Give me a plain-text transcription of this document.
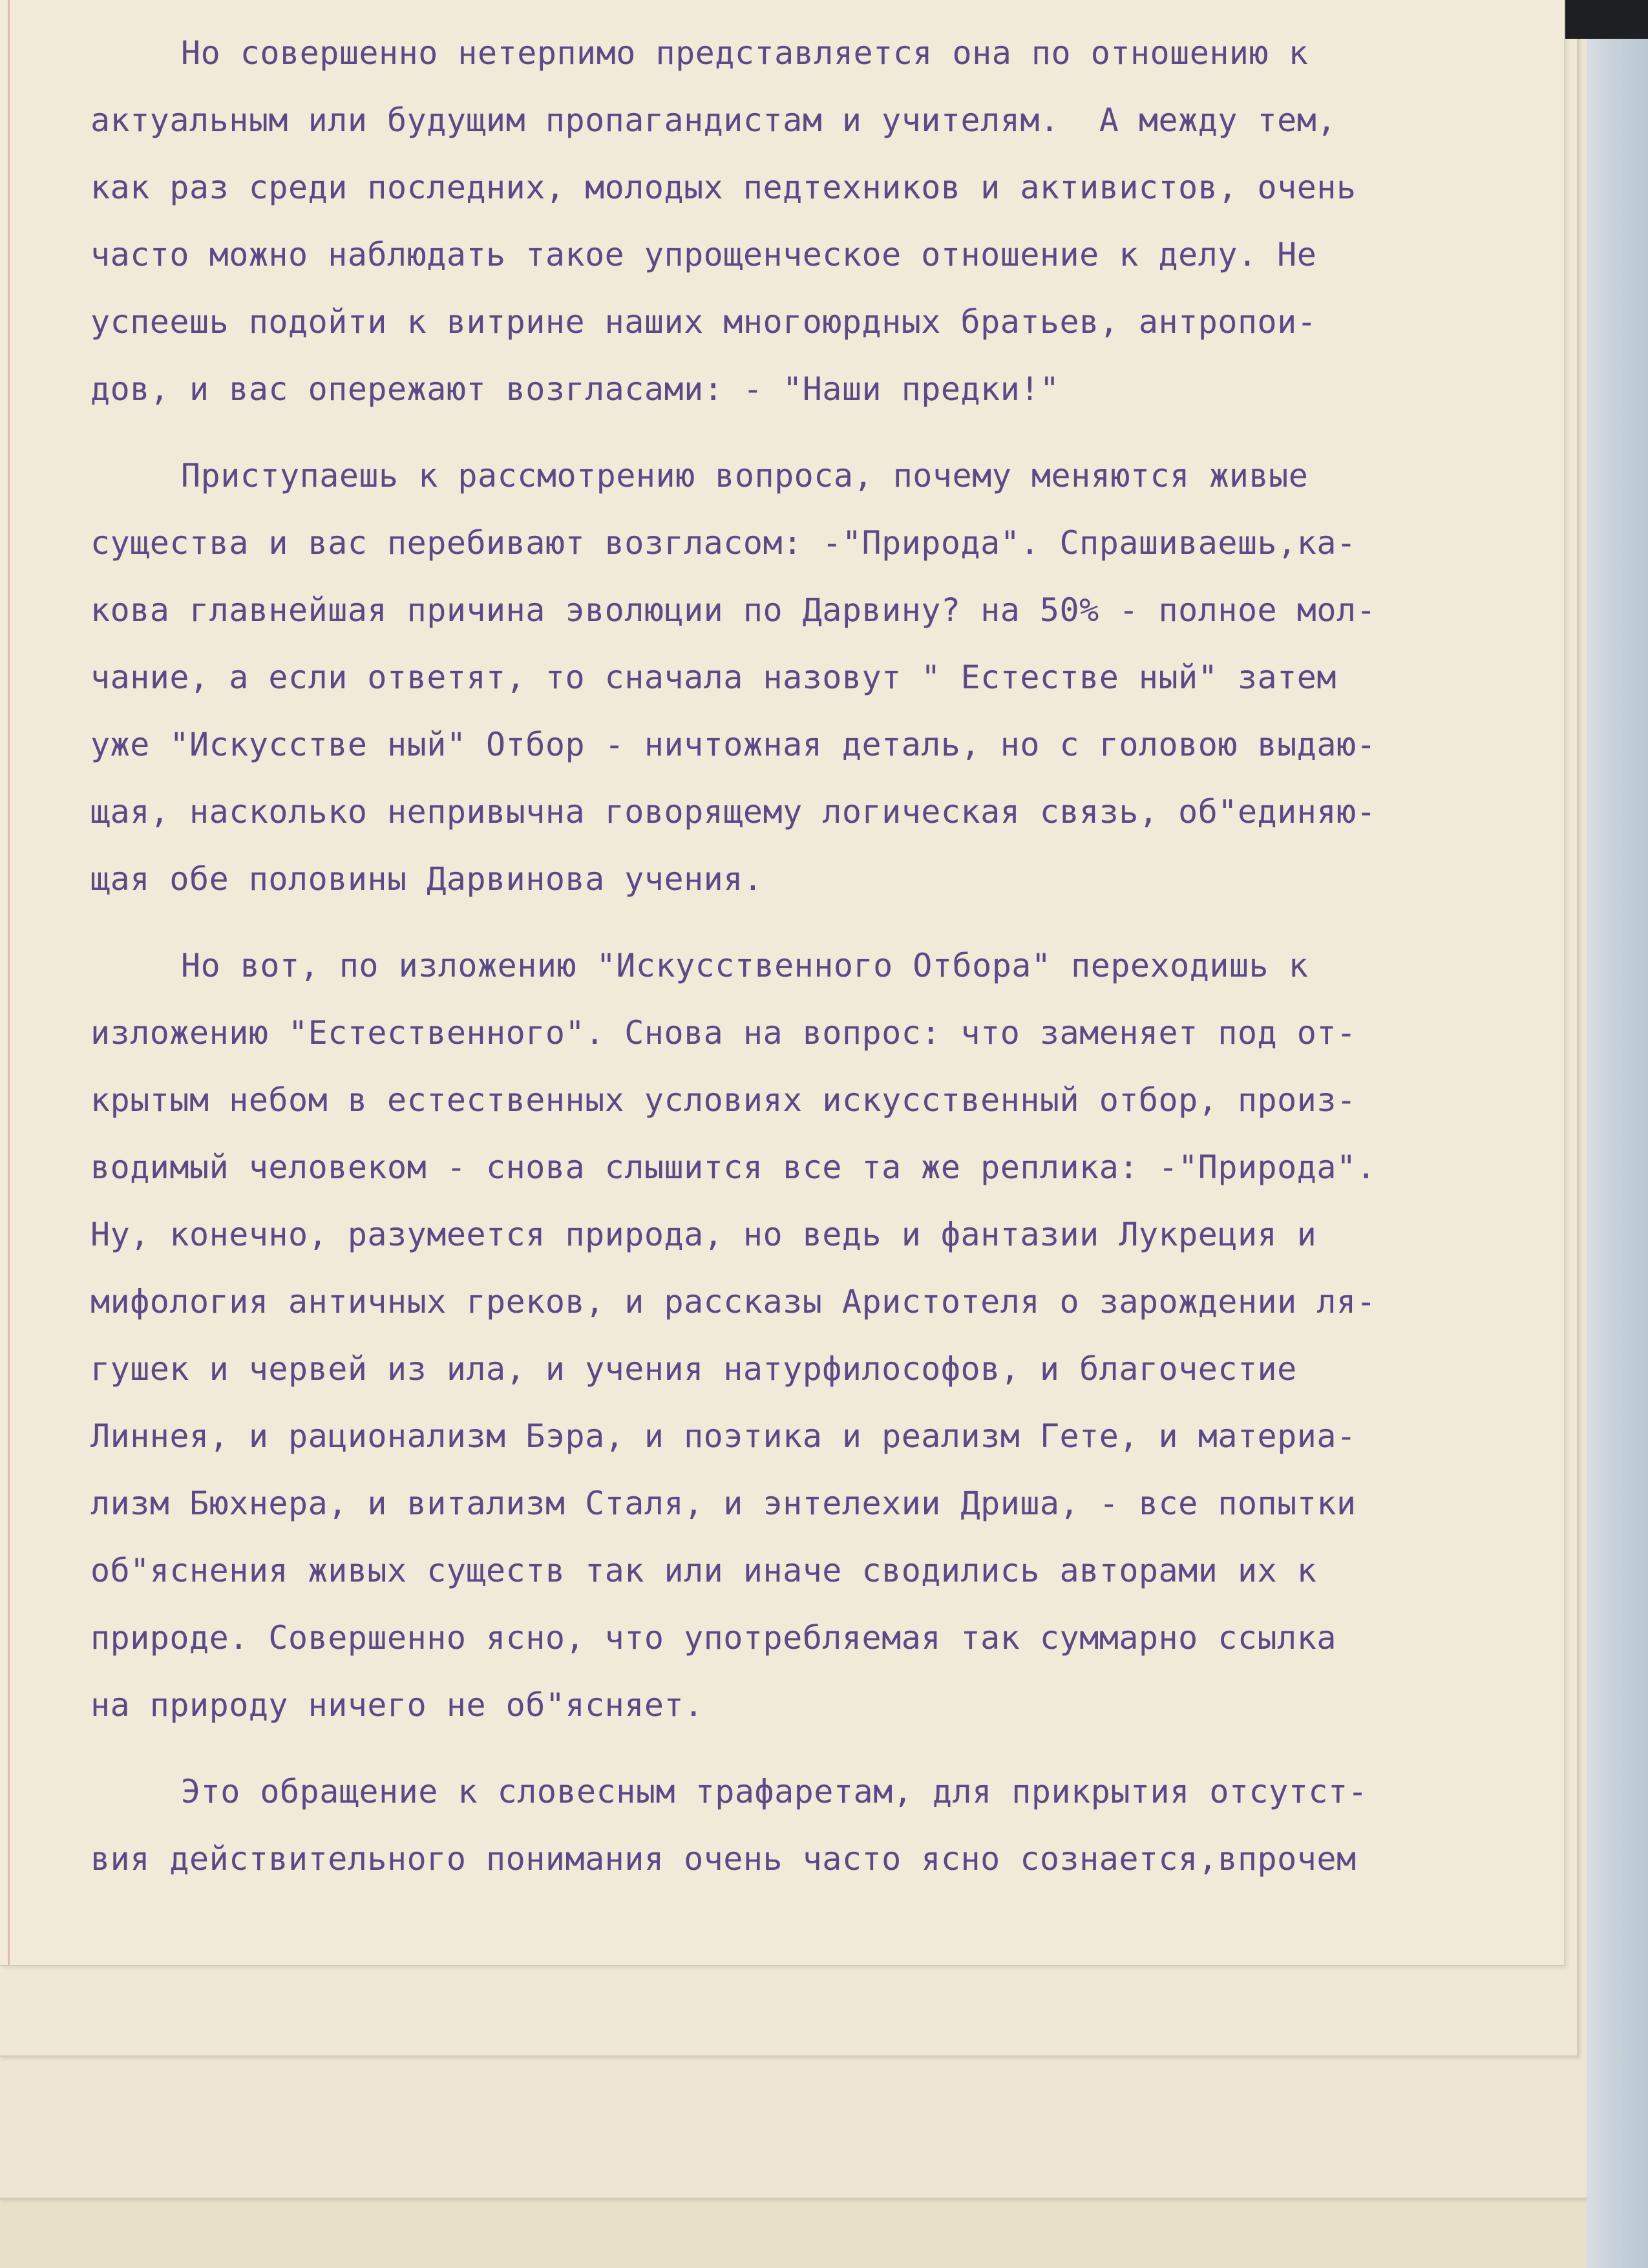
Но совершенно нетерпимо представляется она по отношению к
актуальным или будущим пропагандистам и учителям.  А между тем,
как раз среди последних, молодых педтехников и активистов, очень
часто можно наблюдать такое упрощенческое отношение к делу. Не
успеешь подойти к витрине наших многоюрдных братьев, антропои-
дов, и вас опережают возгласами: - "Наши предки!"
Приступаешь к рассмотрению вопроса, почему меняются живые
существа и вас перебивают возгласом: -"Природа". Спрашиваешь,ка-
кова главнейшая причина эволюции по Дарвину? на 50% - полное мол-
чание, а если ответят, то сначала назовут " Естестве ный" затем
уже "Искусстве ный" Отбор - ничтожная деталь, но с головою выдаю-
щая, насколько непривычна говорящему логическая связь, об"единяю-
щая обе половины Дарвинова учения.
Но вот, по изложению "Искусственного Отбора" переходишь к
изложению "Естественного". Снова на вопрос: что заменяет под от-
крытым небом в естественных условиях искусственный отбор, произ-
водимый человеком - снова слышится все та же реплика: -"Природа".
Ну, конечно, разумеется природа, но ведь и фантазии Лукреция и
мифология античных греков, и рассказы Аристотеля о зарождении ля-
гушек и червей из ила, и учения натурфилософов, и благочестие
Линнея, и рационализм Бэра, и поэтика и реализм Гете, и материа-
лизм Бюхнера, и витализм Сталя, и энтелехии Дриша, - все попытки
об"яснения живых существ так или иначе сводились авторами их к
природе. Совершенно ясно, что употребляемая так суммарно ссылка
на природу ничего не об"ясняет.
Это обращение к словесным трафаретам, для прикрытия отсутст-
вия действительного понимания очень часто ясно сознается,впрочем
